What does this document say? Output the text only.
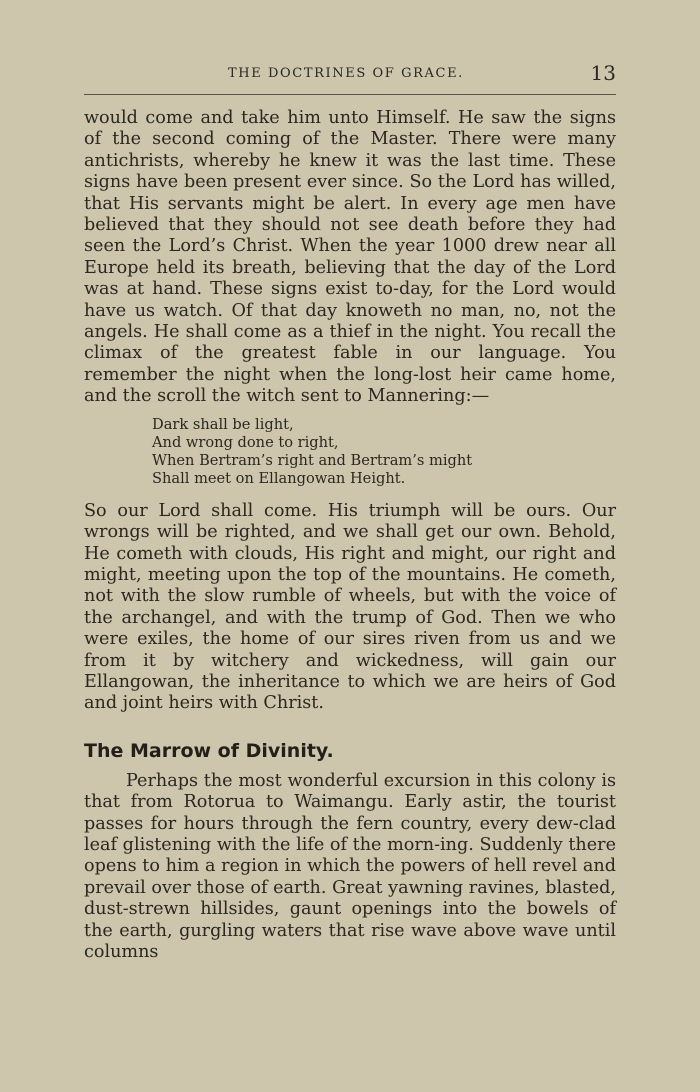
THE DOCTRINES OF GRACE.	13

would come and take him unto Himself. He saw the signs of the second coming of the Master. There were many antichrists, whereby he knew it was the last time. These signs have been present ever since. So the Lord has willed, that His servants might be alert. In every age men have believed that they should not see death before they had seen the Lord’s Christ. When the year 1000 drew near all Europe held its breath, believing that the day of the Lord was at hand. These signs exist to-day, for the Lord would have us watch. Of that day knoweth no man, no, not the angels. He shall come as a thief in the night. You recall the climax of the greatest fable in our language. You remember the night when the long-lost heir came home, and the scroll the witch sent to Mannering:—

Dark shall be light,
And wrong done to right,
When Bertram’s right and Bertram’s might
Shall meet on Ellangowan Height.

So our Lord shall come. His triumph will be ours. Our wrongs will be righted, and we shall get our own. Behold, He cometh with clouds, His right and might, our right and might, meeting upon the top of the mountains. He cometh, not with the slow rumble of wheels, but with the voice of the archangel, and with the trump of God. Then we who were exiles, the home of our sires riven from us and we from it by witchery and wickedness, will gain our Ellangowan, the inheritance to which we are heirs of God and joint heirs with Christ.

The Marrow of Divinity.

Perhaps the most wonderful excursion in this colony is that from Rotorua to Waimangu. Early astir, the tourist passes for hours through the fern country, every dew-clad leaf glistening with the life of the morn-ing. Suddenly there opens to him a region in which the powers of hell revel and prevail over those of earth. Great yawning ravines, blasted, dust-strewn hillsides, gaunt openings into the bowels of the earth, gurgling waters that rise wave above wave until columns
